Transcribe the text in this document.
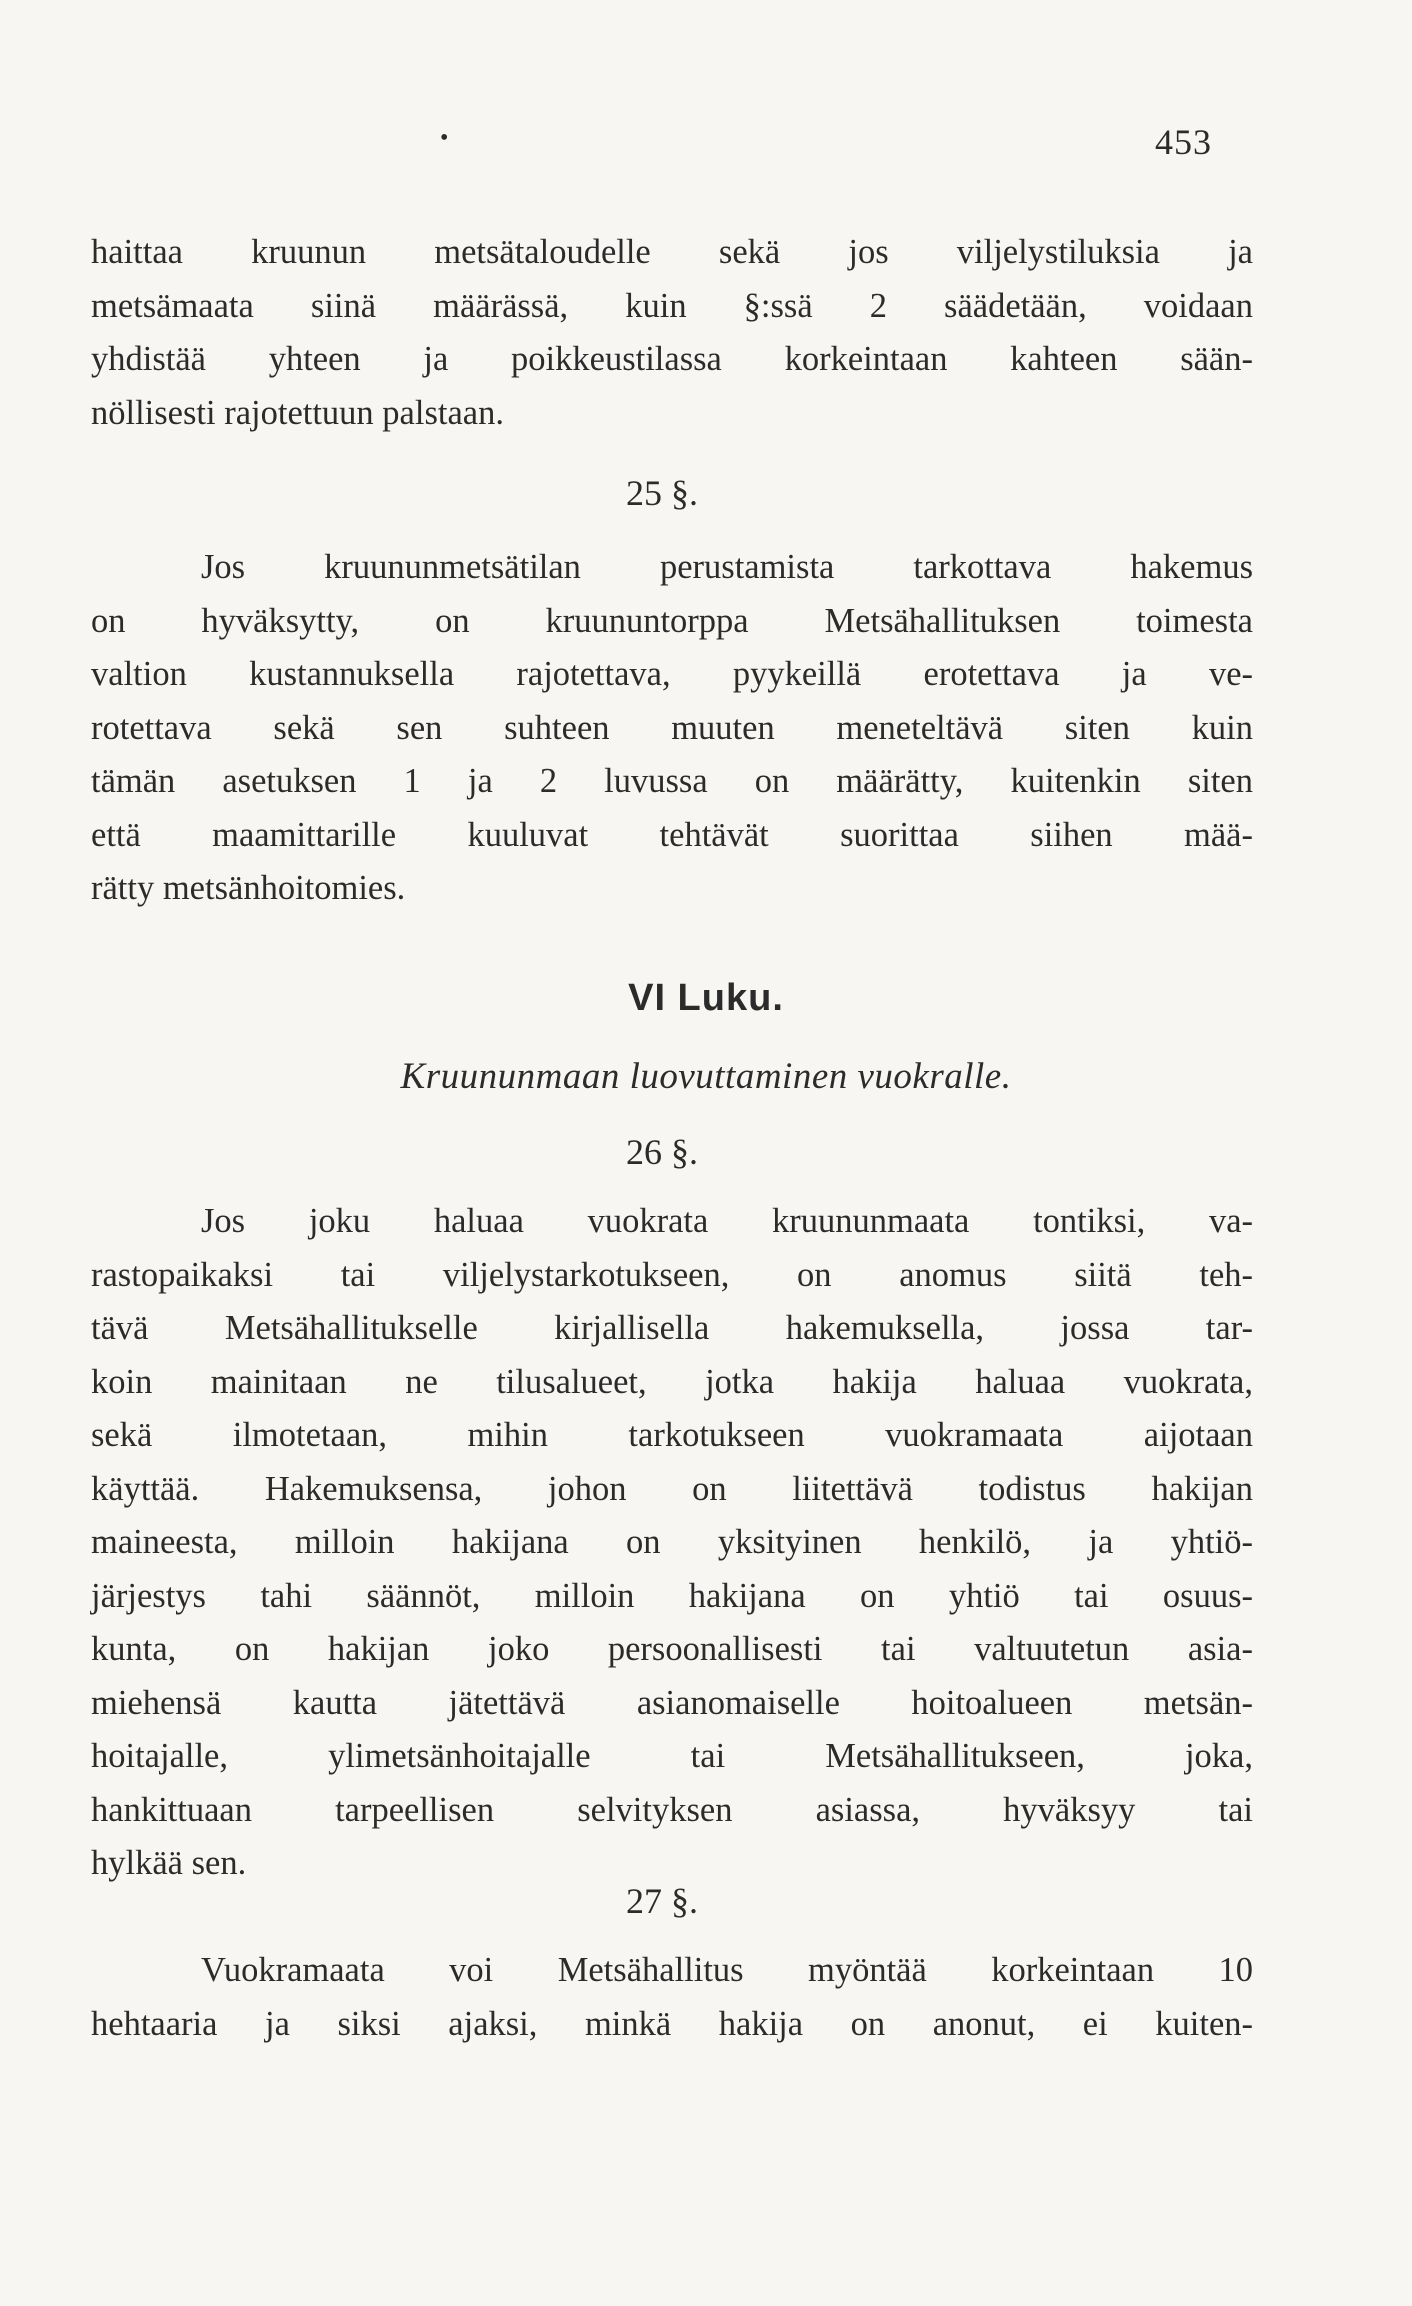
•	453
haittaa kruunun metsätaloudelle sekä jos viljelystiluksia ja
metsämaata siinä määrässä, kuin §:ssä 2 säädetään, voidaan
yhdistää yhteen ja poikkeustilassa korkeintaan kahteen sään-
nöllisesti rajotettuun palstaan.
25 §.
Jos kruununmetsätilan perustamista tarkottava hakemus
on hyväksytty, on kruununtorppa Metsähallituksen toimesta
valtion kustannuksella rajotettava, pyykeillä erotettava ja ve-
rotettava sekä sen suhteen muuten meneteltävä siten kuin
tämän asetuksen 1 ja 2 luvussa on määrätty, kuitenkin siten
että maamittarille kuuluvat tehtävät suorittaa siihen mää-
rätty metsänhoitomies.
VI Luku.
Kruununmaan luovuttaminen vuokralle.
26 §.
Jos joku haluaa vuokrata kruununmaata tontiksi, va-
rastopaikaksi tai viljelystarkotukseen, on anomus siitä teh-
tävä Metsähallitukselle kirjallisella hakemuksella, jossa tar-
koin mainitaan ne tilusalueet, jotka hakija haluaa vuokrata,
sekä ilmotetaan, mihin tarkotukseen vuokramaata aijotaan
käyttää. Hakemuksensa, johon on liitettävä todistus hakijan
maineesta, milloin hakijana on yksityinen henkilö, ja yhtiö-
järjestys tahi säännöt, milloin hakijana on yhtiö tai osuus-
kunta, on hakijan joko persoonallisesti tai valtuutetun asia-
miehensä kautta jätettävä asianomaiselle hoitoalueen metsän-
hoitajalle, ylimetsänhoitajalle tai Metsähallitukseen, joka,
hankittuaan tarpeellisen selvityksen asiassa, hyväksyy tai
hylkää sen.
27 §.
Vuokramaata voi Metsähallitus myöntää korkeintaan 10
hehtaaria ja siksi ajaksi, minkä hakija on anonut, ei kuiten-
